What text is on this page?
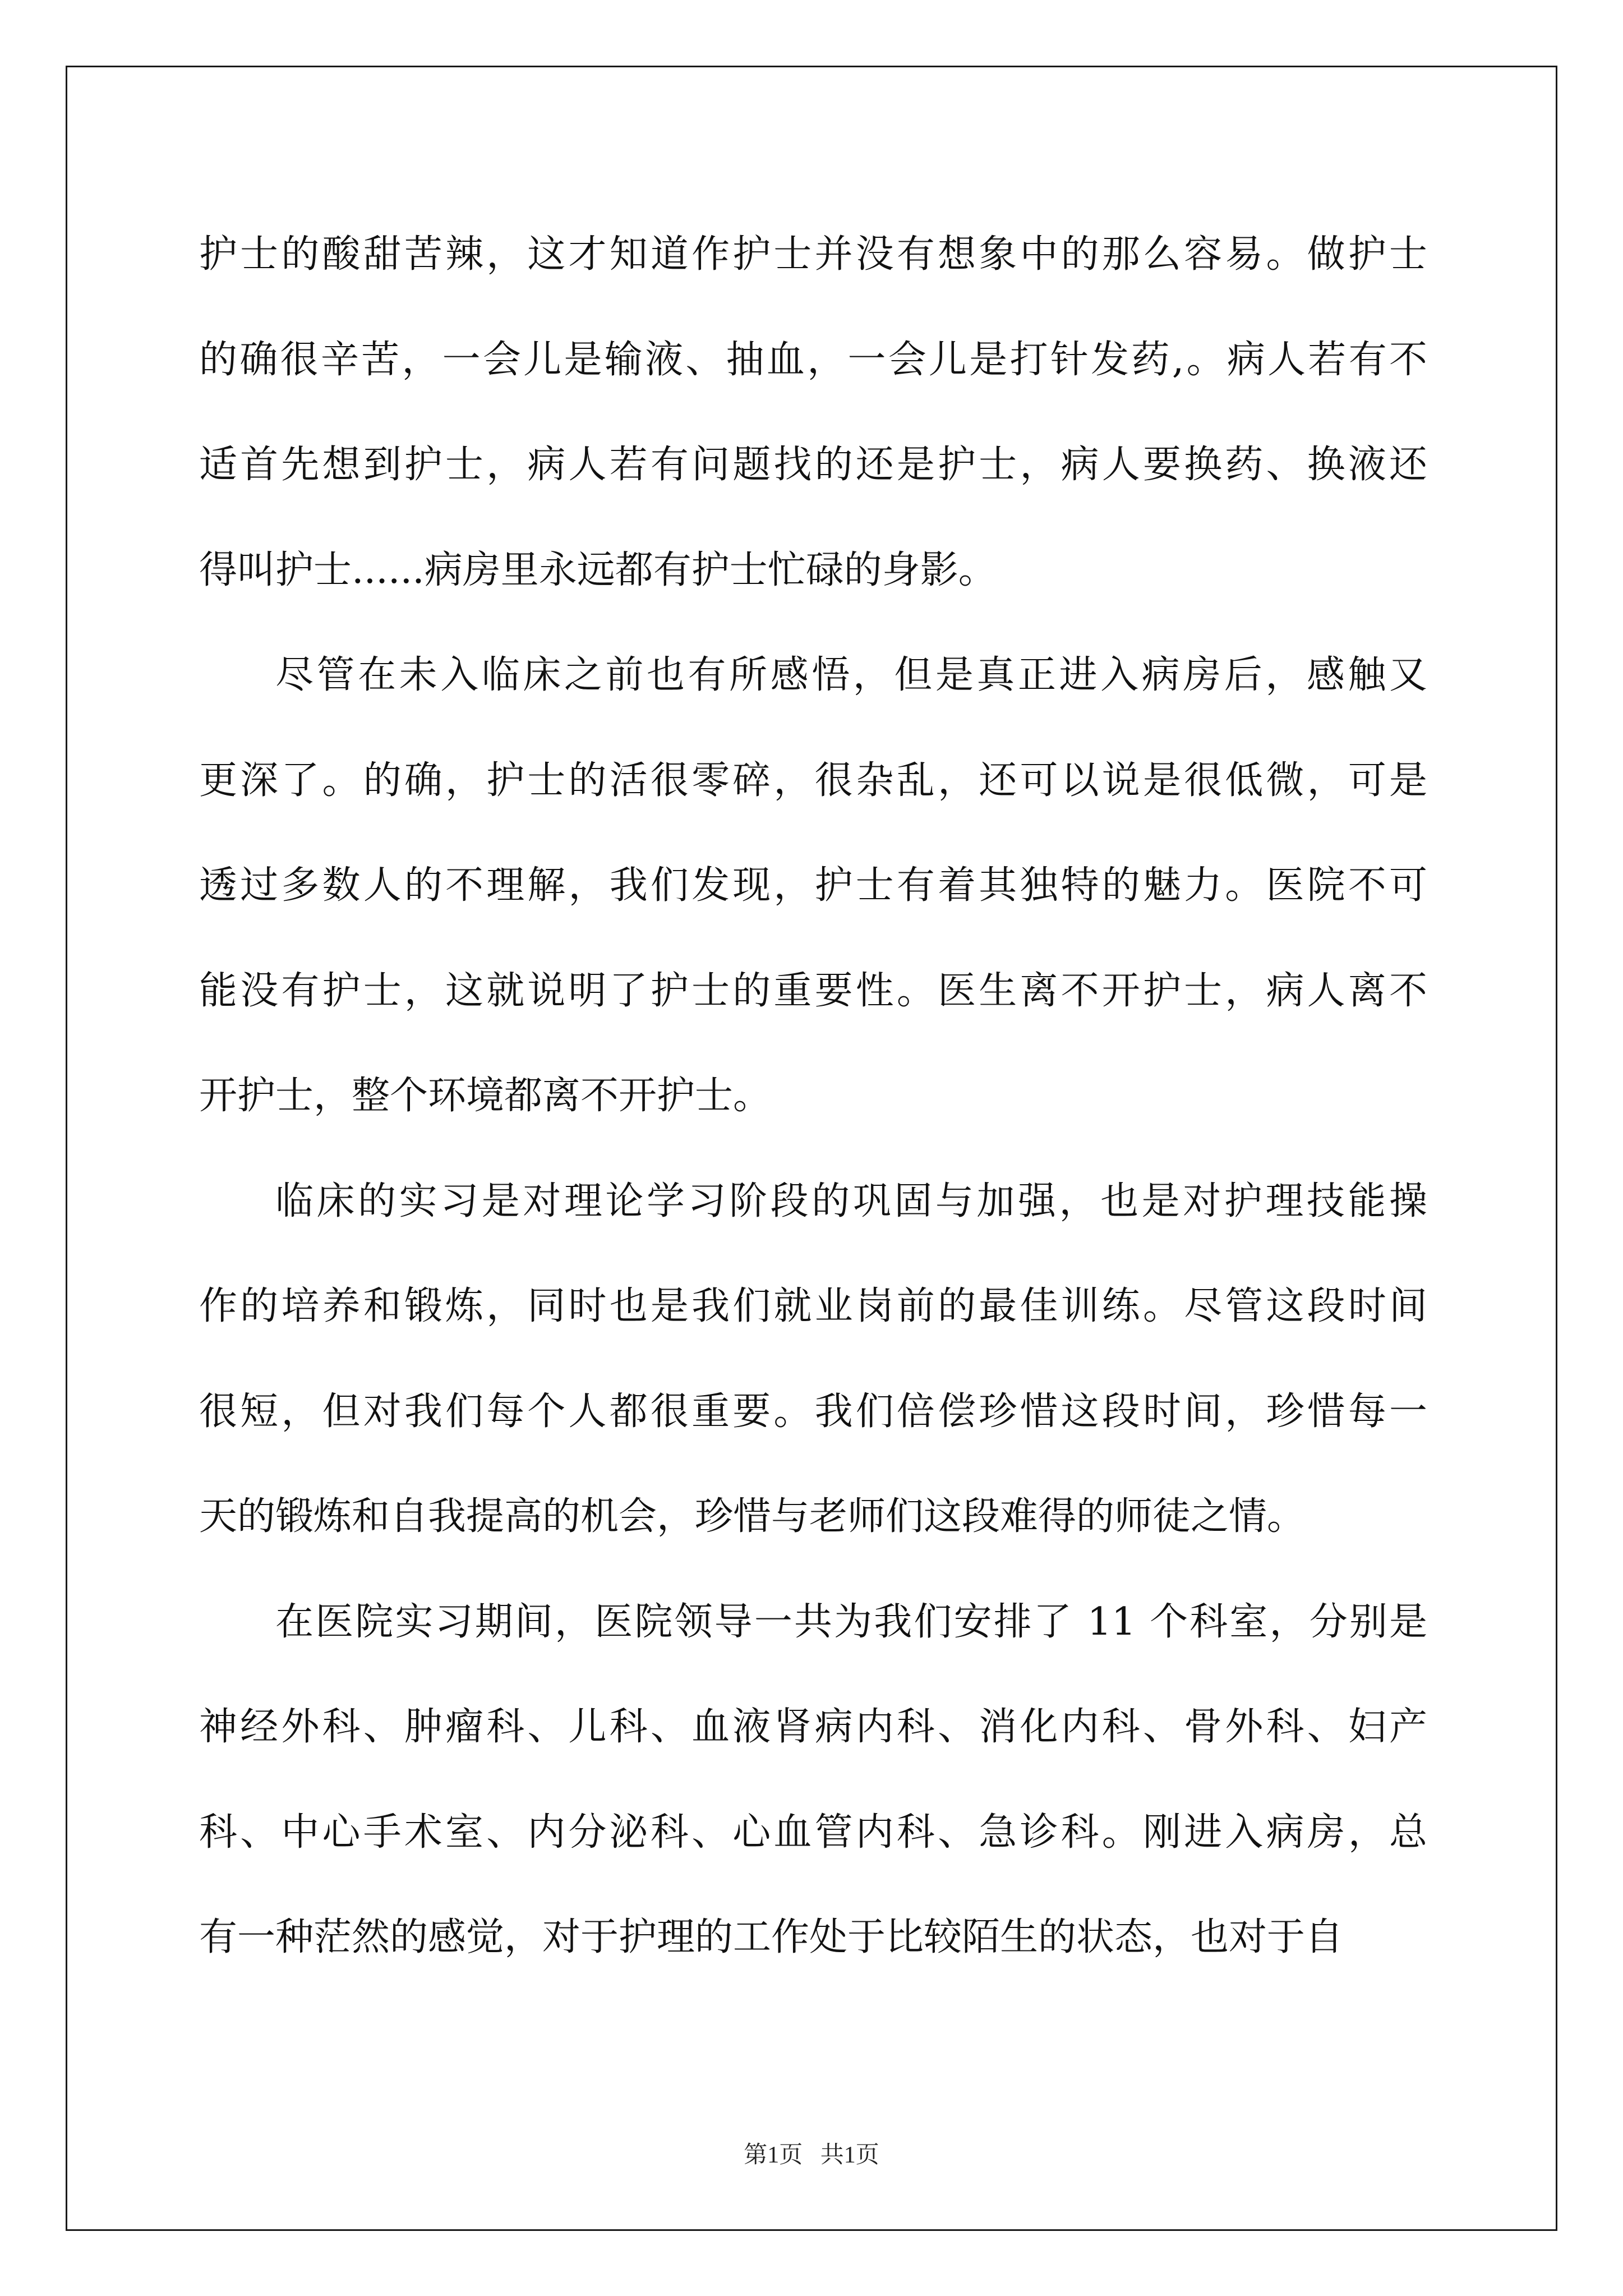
护士的酸甜苦辣，这才知道作护士并没有想象中的那么容易。做护士
的确很辛苦，一会儿是输液、抽血，一会儿是打针发药,。病人若有不
适首先想到护士，病人若有问题找的还是护士，病人要换药、换液还
得叫护士......病房里永远都有护士忙碌的身影。
尽管在未入临床之前也有所感悟，但是真正进入病房后，感触又
更深了。的确，护士的活很零碎，很杂乱，还可以说是很低微，可是
透过多数人的不理解，我们发现，护士有着其独特的魅力。医院不可
能没有护士，这就说明了护士的重要性。医生离不开护士，病人离不
开护士，整个环境都离不开护士。
临床的实习是对理论学习阶段的巩固与加强，也是对护理技能操
作的培养和锻炼，同时也是我们就业岗前的最佳训练。尽管这段时间
很短，但对我们每个人都很重要。我们倍偿珍惜这段时间，珍惜每一
天的锻炼和自我提高的机会，珍惜与老师们这段难得的师徒之情。
在医院实习期间，医院领导一共为我们安排了 11 个科室，分别是
神经外科、肿瘤科、儿科、血液肾病内科、消化内科、骨外科、妇产
科、中心手术室、内分泌科、心血管内科、急诊科。刚进入病房，总
有一种茫然的感觉，对于护理的工作处于比较陌生的状态，也对于自
第1页 共1页
